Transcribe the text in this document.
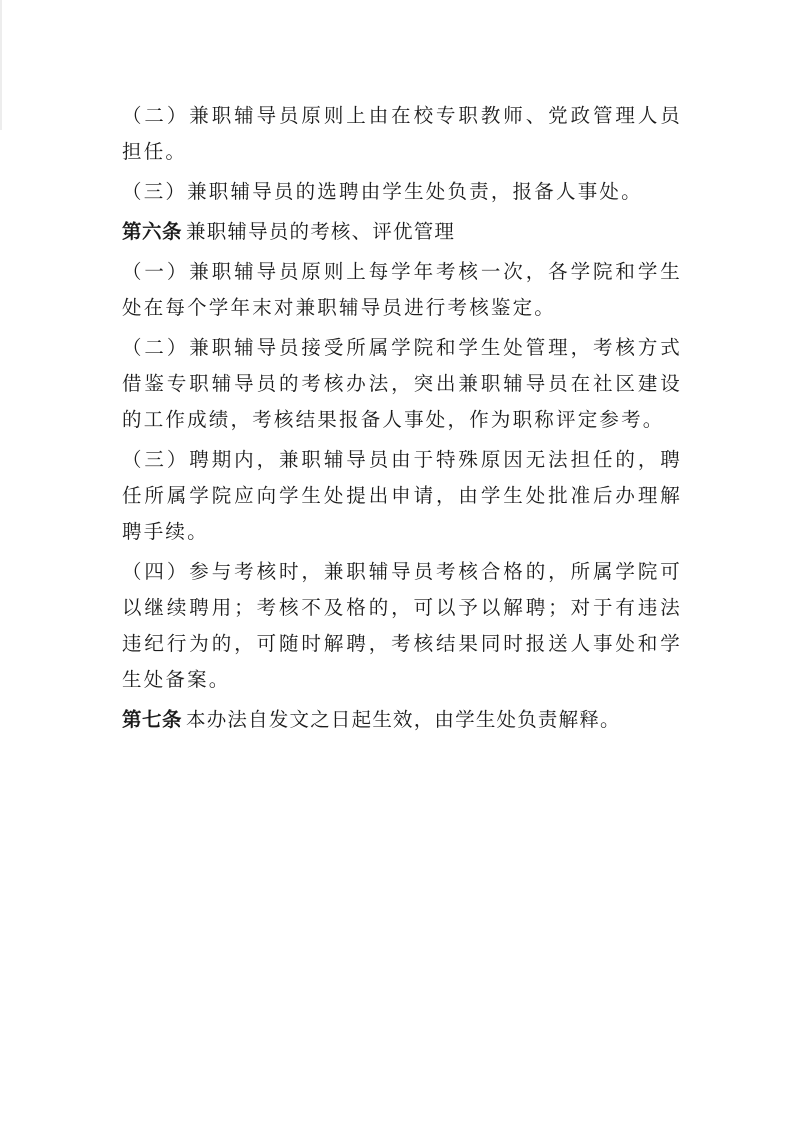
（二）兼职辅导员原则上由在校专职教师、党政管理人员担任。

（三）兼职辅导员的选聘由学生处负责，报备人事处。

第六条 兼职辅导员的考核、评优管理

（一）兼职辅导员原则上每学年考核一次，各学院和学生处在每个学年末对兼职辅导员进行考核鉴定。

（二）兼职辅导员接受所属学院和学生处管理，考核方式借鉴专职辅导员的考核办法，突出兼职辅导员在社区建设的工作成绩，考核结果报备人事处，作为职称评定参考。

（三）聘期内，兼职辅导员由于特殊原因无法担任的，聘任所属学院应向学生处提出申请，由学生处批准后办理解聘手续。

（四）参与考核时，兼职辅导员考核合格的，所属学院可以继续聘用；考核不及格的，可以予以解聘；对于有违法违纪行为的，可随时解聘，考核结果同时报送人事处和学生处备案。

第七条 本办法自发文之日起生效，由学生处负责解释。
